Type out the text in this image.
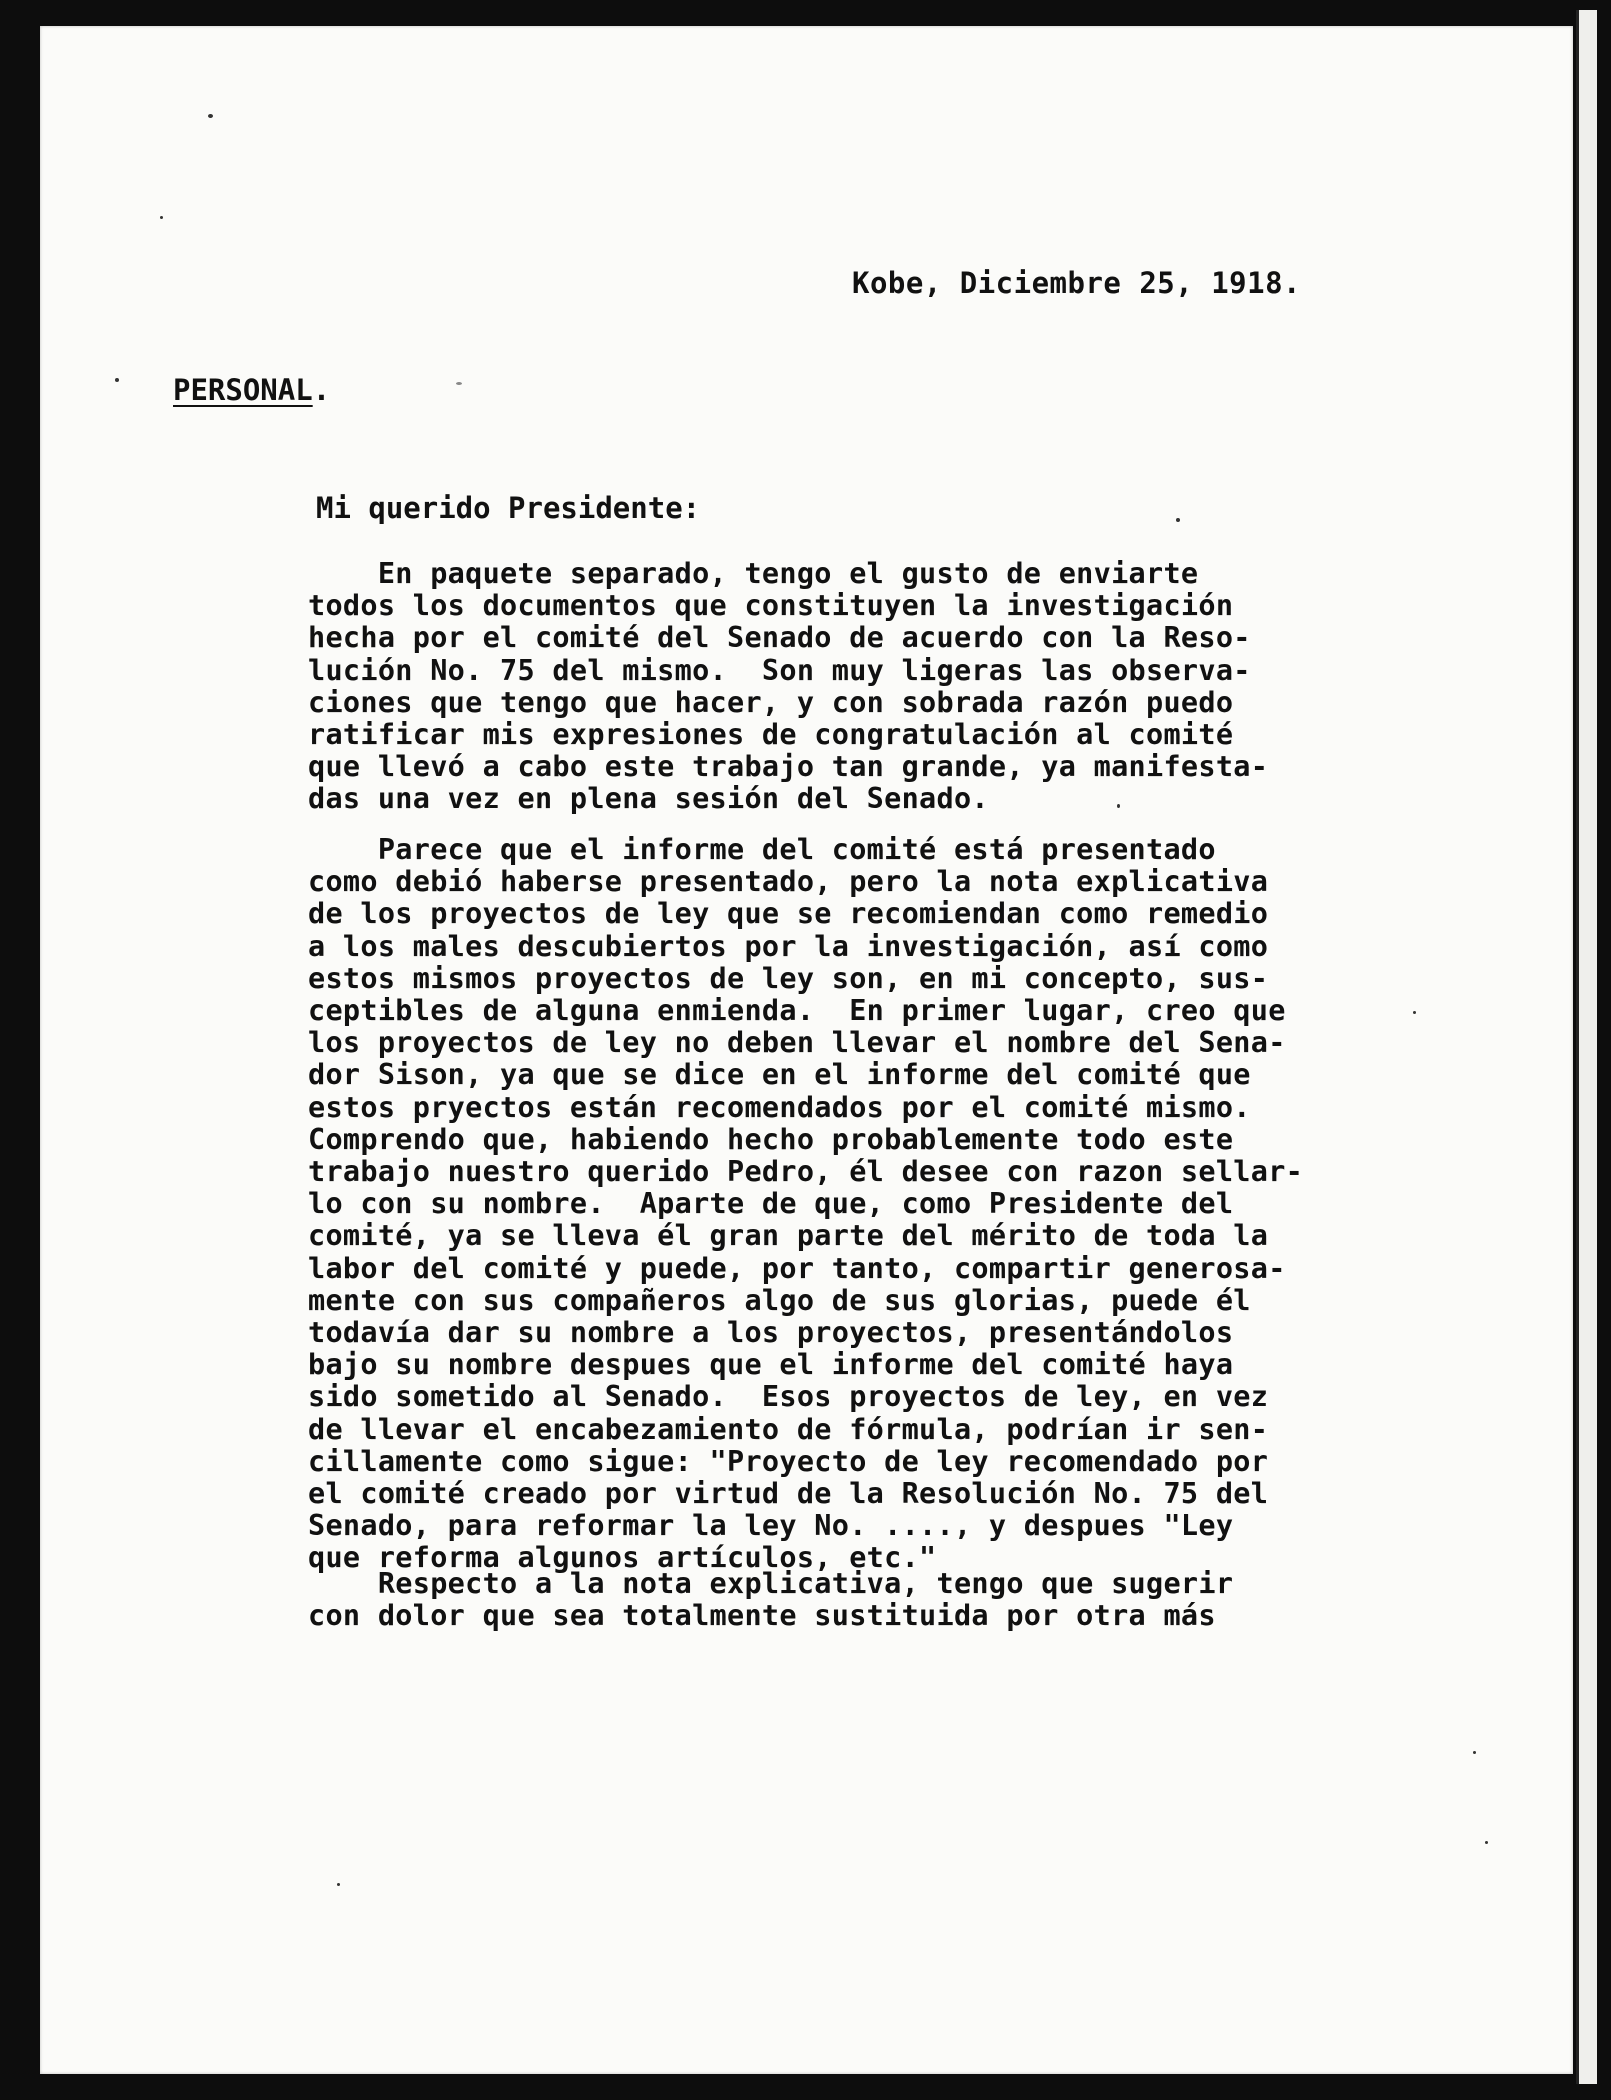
Kobe, Diciembre 25, 1918.
PERSONAL.
Mi querido Presidente:
En paquete separado, tengo el gusto de enviarte
todos los documentos que constituyen la investigación
hecha por el comité del Senado de acuerdo con la Reso-
lución No. 75 del mismo.  Son muy ligeras las observa-
ciones que tengo que hacer, y con sobrada razón puedo
ratificar mis expresiones de congratulación al comité
que llevó a cabo este trabajo tan grande, ya manifesta-
das una vez en plena sesión del Senado.
Parece que el informe del comité está presentado
como debió haberse presentado, pero la nota explicativa
de los proyectos de ley que se recomiendan como remedio
a los males descubiertos por la investigación, así como
estos mismos proyectos de ley son, en mi concepto, sus-
ceptibles de alguna enmienda.  En primer lugar, creo que
los proyectos de ley no deben llevar el nombre del Sena-
dor Sison, ya que se dice en el informe del comité que
estos pryectos están recomendados por el comité mismo.
Comprendo que, habiendo hecho probablemente todo este
trabajo nuestro querido Pedro, él desee con razon sellar-
lo con su nombre.  Aparte de que, como Presidente del
comité, ya se lleva él gran parte del mérito de toda la
labor del comité y puede, por tanto, compartir generosa-
mente con sus compañeros algo de sus glorias, puede él
todavía dar su nombre a los proyectos, presentándolos
bajo su nombre despues que el informe del comité haya
sido sometido al Senado.  Esos proyectos de ley, en vez
de llevar el encabezamiento de fórmula, podrían ir sen-
cillamente como sigue: "Proyecto de ley recomendado por
el comité creado por virtud de la Resolución No. 75 del
Senado, para reformar la ley No. ...., y despues "Ley
que reforma algunos artículos, etc."
Respecto a la nota explicativa, tengo que sugerir
con dolor que sea totalmente sustituida por otra más
